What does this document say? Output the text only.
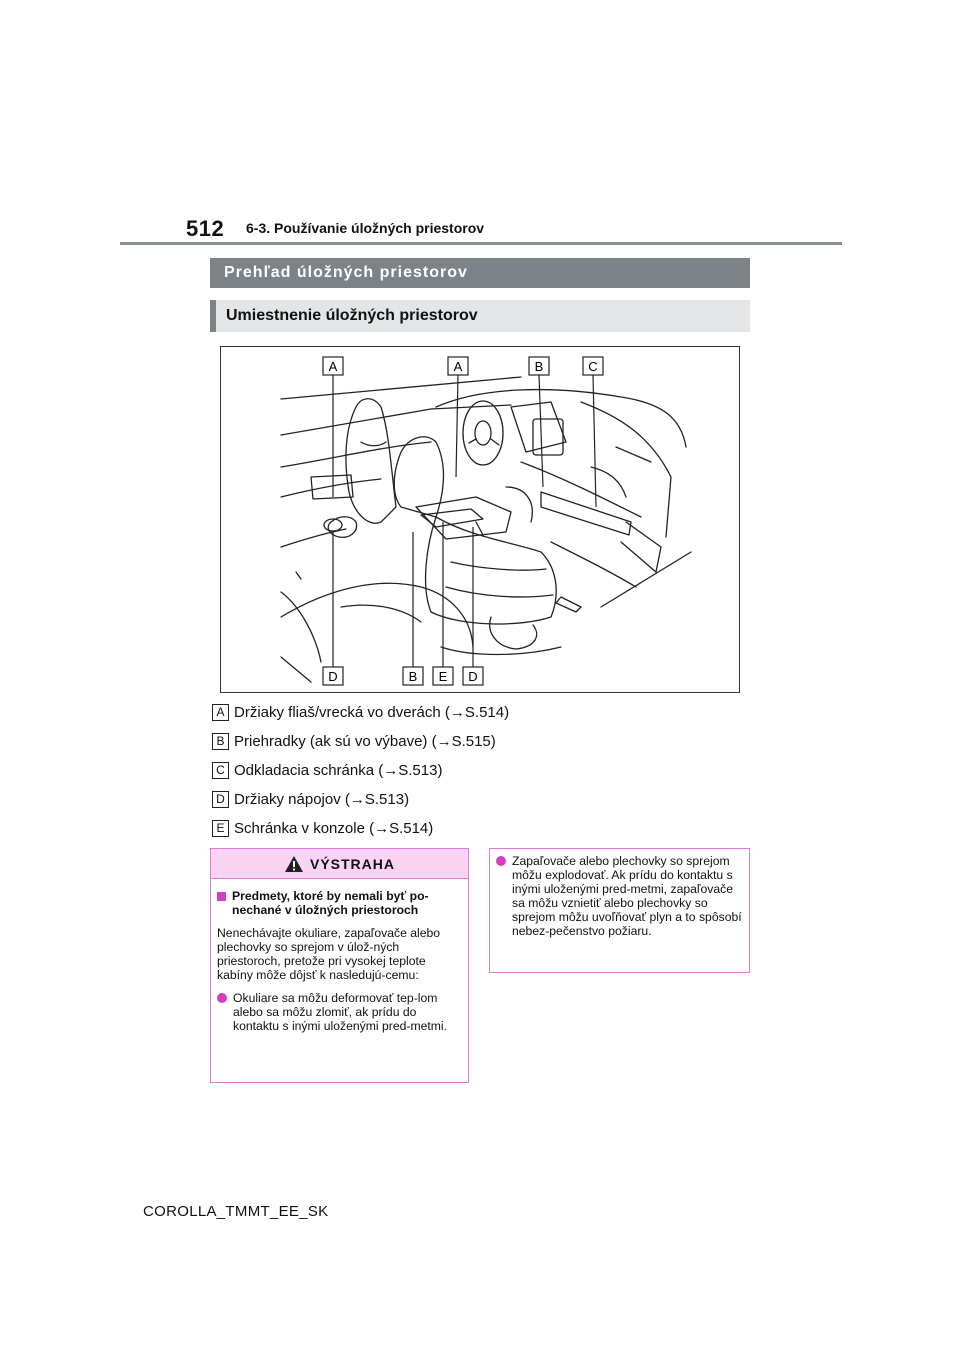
512 6-3. Používanie úložných priestorov
Prehľad úložných priestorov
Umiestnenie úložných priestorov
A	A	B	C
D	B E D
A Držiaky fliaš/vrecká vo dverách (→S.514)
B Priehradky (ak sú vo výbave) (→S.515)
C Odkladacia schránka (→S.513)
D Držiaky nápojov (→S.513)
E Schránka v konzole (→S.514)
VÝSTRAHA
Predmety, ktoré by nemali byť po-nechané v úložných priestoroch
Nenechávajte okuliare, zapaľovače alebo plechovky so sprejom v úlož-ných priestoroch, pretože pri vysokej teplote kabíny môže dôjsť k nasledujú-cemu:
Okuliare sa môžu deformovať tep-lom alebo sa môžu zlomiť, ak prídu do kontaktu s inými uloženými pred-metmi.
Zapaľovače alebo plechovky so sprejom môžu explodovať. Ak prídu do kontaktu s inými uloženými pred-metmi, zapaľovače sa môžu vznietiť alebo plechovky so sprejom môžu uvoľňovať plyn a to spôsobí nebez-pečenstvo požiaru.
COROLLA_TMMT_EE_SK
